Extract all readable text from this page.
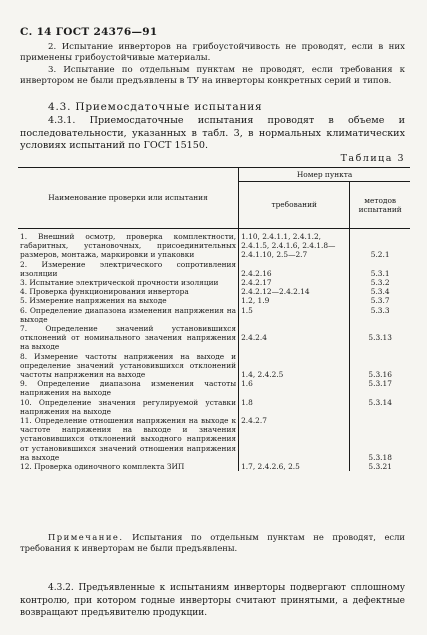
С. 14 ГОСТ 24376—91
2. Испытание инверторов на грибоустойчивость не проводят, если в них применены грибоустойчивые материалы.
3. Испытание по отдельным пунктам не проводят, если требования к инвертором не были предъявлены в ТУ на инверторы конкретных серий и типов.
4.3. Приемосдаточные испытания
4.3.1. Приемосдаточные испытания проводят в объеме и последовательности, указанных в табл. 3, в нормальных климатических условиях испытаний по ГОСТ 15150.
Таблица 3
Наименование проверки или испытания	Номер пункта	
	требований	методов испытаний
1. Внешний осмотр, проверка комплектности, габаритных, установочных, присоединительных размеров, монтажа, маркировки и упаковки	1.10, 2.4.1.1, 2.4.1.2, 2.4.1.5, 2.4.1.6, 2.4.1.8—2.4.1.10, 2.5—2.7	5.2.1
2. Измерение электрического сопротивления изоляции	2.4.2.16	5.3.1
3. Испытание электрической прочности изоляции	2.4.2.17	5.3.2
4. Проверка функционирования инвертора	2.4.2.12—2.4.2.14	5.3.4
5. Измерение напряжения на выходе	1.2, 1.9	5.3.7
6. Определение диапазона изменения напряжения на выходе	1.5	5.3.3
7. Определение значений установившихся отклонений от номинального значения напряжения на выходе	2.4.2.4	5.3.13
8. Измерение частоты напряжения на выходе и определение значений установившихся отклонений частоты напряжения на выходе	1.4, 2.4.2.5	5.3.16
9. Определение диапазона изменения частоты напряжения на выходе	1.6	5.3.17
10. Определение значения регулируемой уставки напряжения на выходе	1.8	5.3.14
11. Определение отношения напряжения на выходе к частоте напряжения на выходе и значения установившихся отклонений выходного напряжения от установившихся значений отношения напряжения на выходе	2.4.2.7	5.3.18
12. Проверка одиночного комплекта ЗИП	1.7, 2.4.2.6, 2.5	5.3.21
Примечание. Испытания по отдельным пунктам не проводят, если требования к инверторам не были предъявлены.
4.3.2. Предъявленные к испытаниям инверторы подвергают сплошному контролю, при котором годные инверторы считают принятыми, а дефектные возвращают предъявителю продукции.
